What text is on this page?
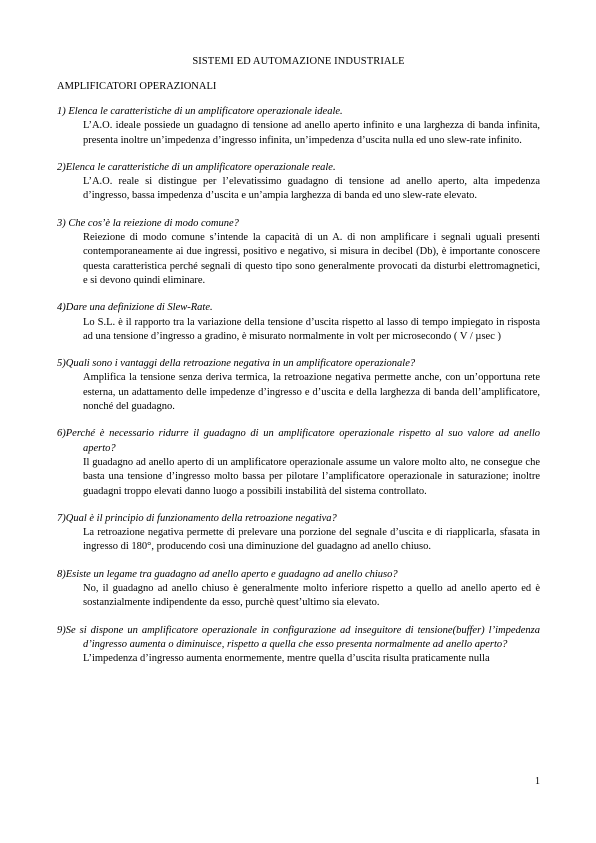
SISTEMI ED AUTOMAZIONE INDUSTRIALE
AMPLIFICATORI OPERAZIONALI

1) Elenca le caratteristiche di un amplificatore operazionale ideale.

L’A.O. ideale possiede un guadagno di tensione ad anello aperto infinito e una larghezza di banda infinita, presenta inoltre un’impedenza d’ingresso infinita, un’impedenza d’uscita nulla ed uno slew-rate infinito.

2)Elenca le caratteristiche di un amplificatore operazionale reale.

L’A.O. reale si distingue per l’elevatissimo guadagno di tensione ad anello aperto, alta impedenza d’ingresso, bassa impedenza d’uscita e un’ampia larghezza di banda ed uno slew-rate elevato.

3) Che cos’è la reiezione di modo comune?

Reiezione di modo comune s’intende la capacità di un A. di non amplificare i segnali uguali presenti contemporaneamente ai due ingressi, positivo e negativo, si misura in decibel (Db), è importante conoscere questa caratteristica perché segnali di questo tipo sono generalmente provocati da disturbi elettromagnetici, e si devono quindi eliminare.

4)Dare una definizione di Slew-Rate.

Lo S.L. è il rapporto tra la variazione della tensione d’uscita rispetto al lasso di tempo impiegato in risposta ad una tensione d’ingresso a gradino, è misurato normalmente in volt per microsecondo ( V / µsec )

5)Quali sono i vantaggi della retroazione negativa in un amplificatore operazionale?

Amplifica la tensione senza deriva termica, la retroazione negativa permette anche, con un’opportuna rete esterna, un adattamento delle impedenze d’ingresso e d’uscita e della larghezza di banda dell’amplificatore, nonché del guadagno.

6)Perché è necessario ridurre il guadagno di un amplificatore operazionale rispetto al suo valore ad anello aperto?

Il guadagno ad anello aperto di un amplificatore operazionale assume un valore molto alto, ne consegue che basta una tensione d’ingresso molto bassa per pilotare l’amplificatore operazionale in saturazione; inoltre guadagni troppo elevati danno luogo a possibili instabilità del sistema controllato.

7)Qual è il principio di funzionamento della retroazione negativa?

La retroazione negativa permette di prelevare una porzione del segnale d’uscita e di riapplicarla, sfasata in ingresso di 180°, producendo così una diminuzione del guadagno ad anello chiuso.

8)Esiste un legame tra guadagno ad anello aperto e guadagno ad anello chiuso?

No, il guadagno ad anello chiuso è generalmente molto inferiore rispetto a quello ad anello aperto ed è sostanzialmente indipendente da esso, purchè quest’ultimo sia elevato.

9)Se si dispone un amplificatore operazionale in configurazione ad inseguitore di tensione(buffer) l’impedenza d’ingresso aumenta o diminuisce, rispetto a quella che esso presenta normalmente ad anello aperto?

L’impedenza d’ingresso aumenta enormemente, mentre quella d’uscita risulta praticamente nulla

1
